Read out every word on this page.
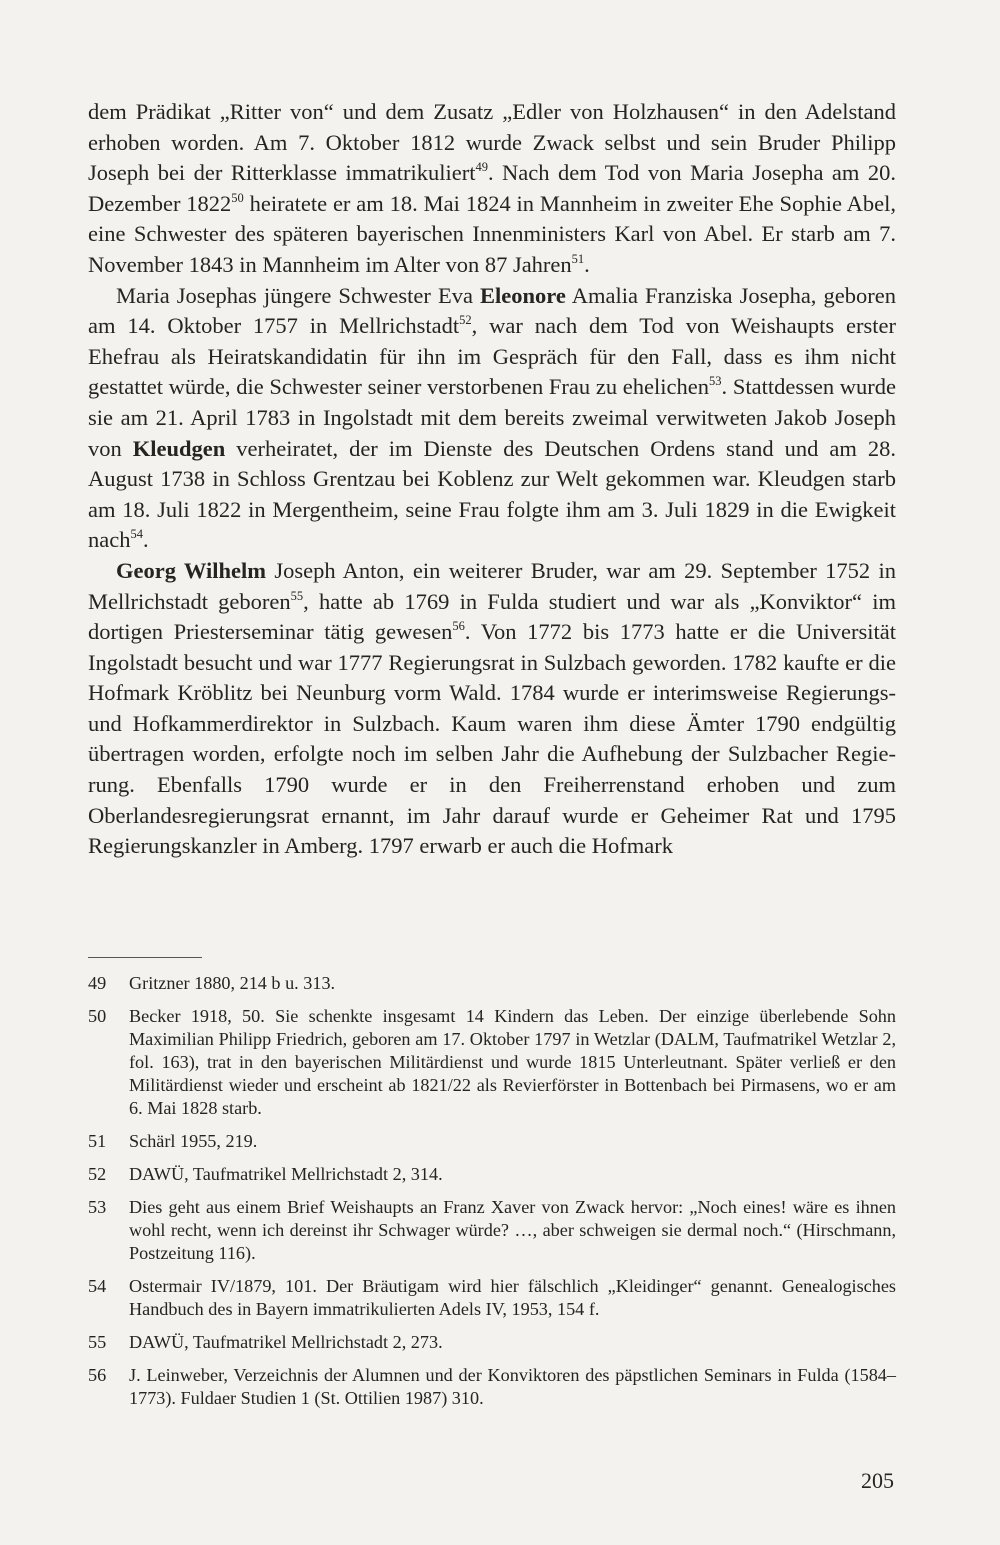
dem Prädikat „Ritter von“ und dem Zusatz „Edler von Holzhausen“ in den Adelstand erhoben worden. Am 7. Oktober 1812 wurde Zwack selbst und sein Bruder Philipp Joseph bei der Ritterklasse immatrikuliert$^{49}$. Nach dem Tod von Maria Josepha am 20. Dezember 1822$^{50}$ heiratete er am 18. Mai 1824 in Mannheim in zweiter Ehe Sophie Abel, eine Schwester des späteren bayerischen Innenministers Karl von Abel. Er starb am 7. November 1843 in Mannheim im Alter von 87 Jahren$^{51}$.

Maria Josephas jüngere Schwester Eva Eleonore Amalia Franziska Josepha, geboren am 14. Oktober 1757 in Mellrichstadt$^{52}$, war nach dem Tod von Weishaupts erster Ehefrau als Heiratskandidatin für ihn im Gespräch für den Fall, dass es ihm nicht gestattet würde, die Schwester seiner verstorbenen Frau zu ehelichen$^{53}$. Stattdessen wurde sie am 21. April 1783 in Ingolstadt mit dem bereits zweimal verwitweten Jakob Joseph von Kleudgen verheiratet, der im Dienste des Deutschen Ordens stand und am 28. August 1738 in Schloss Grentzau bei Koblenz zur Welt gekommen war. Kleudgen starb am 18. Juli 1822 in Mergentheim, seine Frau folgte ihm am 3. Juli 1829 in die Ewigkeit nach$^{54}$.

Georg Wilhelm Joseph Anton, ein weiterer Bruder, war am 29. September 1752 in Mellrichstadt geboren$^{55}$, hatte ab 1769 in Fulda studiert und war als „Konviktor“ im dortigen Priesterseminar tätig gewesen$^{56}$. Von 1772 bis 1773 hatte er die Universität Ingolstadt besucht und war 1777 Regierungsrat in Sulzbach geworden. 1782 kaufte er die Hofmark Kröblitz bei Neunburg vorm Wald. 1784 wurde er interimsweise Regierungs- und Hofkammerdirektor in Sulzbach. Kaum waren ihm diese Ämter 1790 endgültig übertragen worden, erfolgte noch im selben Jahr die Aufhebung der Sulzbacher Regierung. Ebenfalls 1790 wurde er in den Freiherrenstand erhoben und zum Oberlandesregierungsrat ernannt, im Jahr darauf wurde er Geheimer Rat und 1795 Regierungskanzler in Amberg. 1797 erwarb er auch die Hofmark

49	Gritzner 1880, 214 b u. 313.
50	Becker 1918, 50. Sie schenkte insgesamt 14 Kindern das Leben. Der einzige überlebende Sohn Maximilian Philipp Friedrich, geboren am 17. Oktober 1797 in Wetzlar (DALM, Taufmatrikel Wetzlar 2, fol. 163), trat in den bayerischen Militärdienst und wurde 1815 Unterleutnant. Später verließ er den Militärdienst wieder und erscheint ab 1821/22 als Revierförster in Bottenbach bei Pirmasens, wo er am 6. Mai 1828 starb.
51	Schärl 1955, 219.
52	DAWÜ, Taufmatrikel Mellrichstadt 2, 314.
53	Dies geht aus einem Brief Weishaupts an Franz Xaver von Zwack hervor: „Noch eines! wäre es ihnen wohl recht, wenn ich dereinst ihr Schwager würde? …, aber schweigen sie dermal noch.“ (Hirschmann, Postzeitung 116).
54	Ostermair IV/1879, 101. Der Bräutigam wird hier fälschlich „Kleidinger“ genannt. Genealogisches Handbuch des in Bayern immatrikulierten Adels IV, 1953, 154 f.
55	DAWÜ, Taufmatrikel Mellrichstadt 2, 273.
56	J. Leinweber, Verzeichnis der Alumnen und der Konviktoren des päpstlichen Seminars in Fulda (1584–1773). Fuldaer Studien 1 (St. Ottilien 1987) 310.
205
